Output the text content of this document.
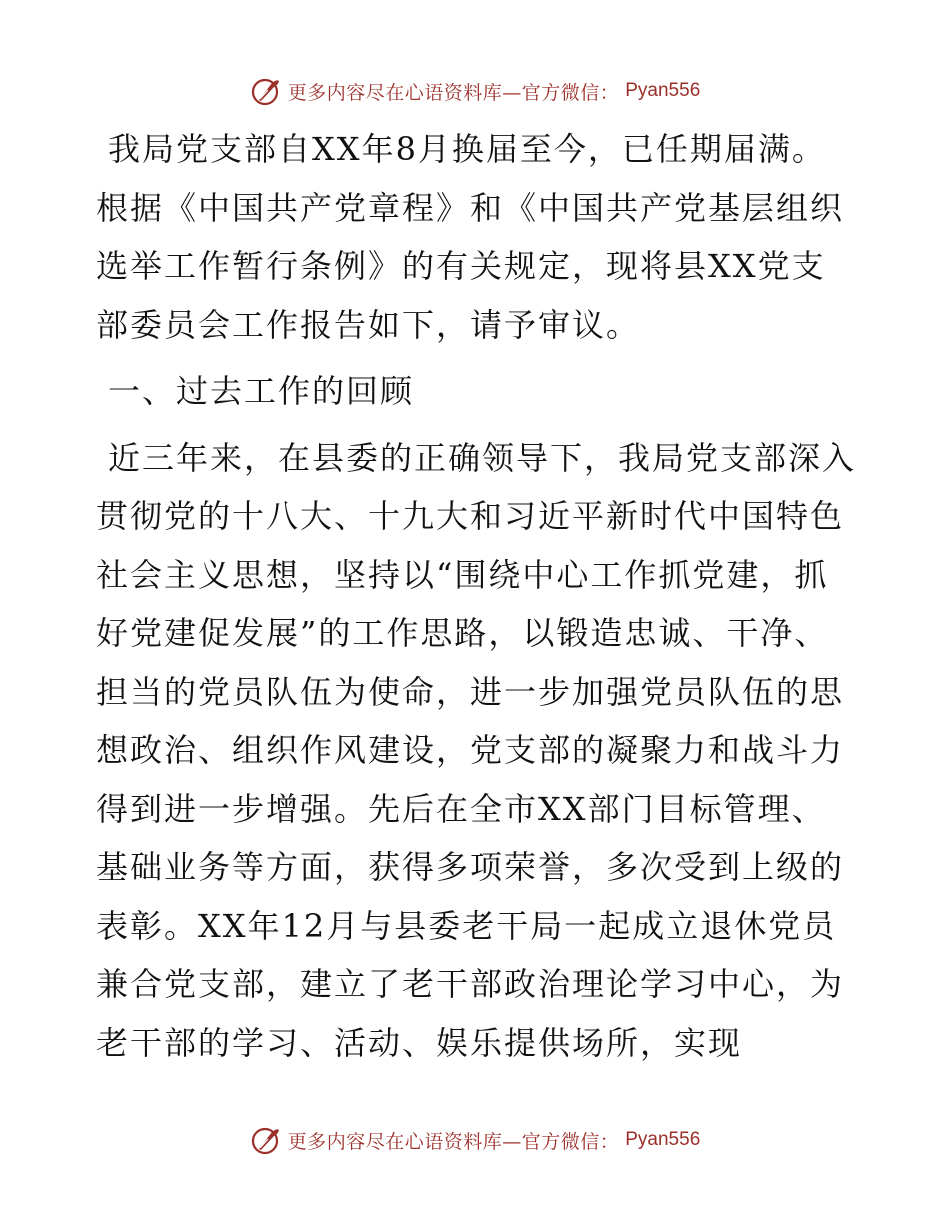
更多内容尽在心语资料库—官方微信： Pyan556

我局党支部自XX年8月换届至今，已任期届满。根据《中国共产党章程》和《中国共产党基层组织选举工作暂行条例》的有关规定，现将县XX党支部委员会工作报告如下，请予审议。

一、过去工作的回顾

近三年来，在县委的正确领导下，我局党支部深入贯彻党的十八大、十九大和习近平新时代中国特色社会主义思想，坚持以“围绕中心工作抓党建，抓好党建促发展”的工作思路，以锻造忠诚、干净、担当的党员队伍为使命，进一步加强党员队伍的思想政治、组织作风建设，党支部的凝聚力和战斗力得到进一步增强。先后在全市XX部门目标管理、基础业务等方面，获得多项荣誉，多次受到上级的表彰。XX年12月与县委老干局一起成立退休党员兼合党支部，建立了老干部政治理论学习中心，为老干部的学习、活动、娱乐提供场所，实现

更多内容尽在心语资料库—官方微信： Pyan556
